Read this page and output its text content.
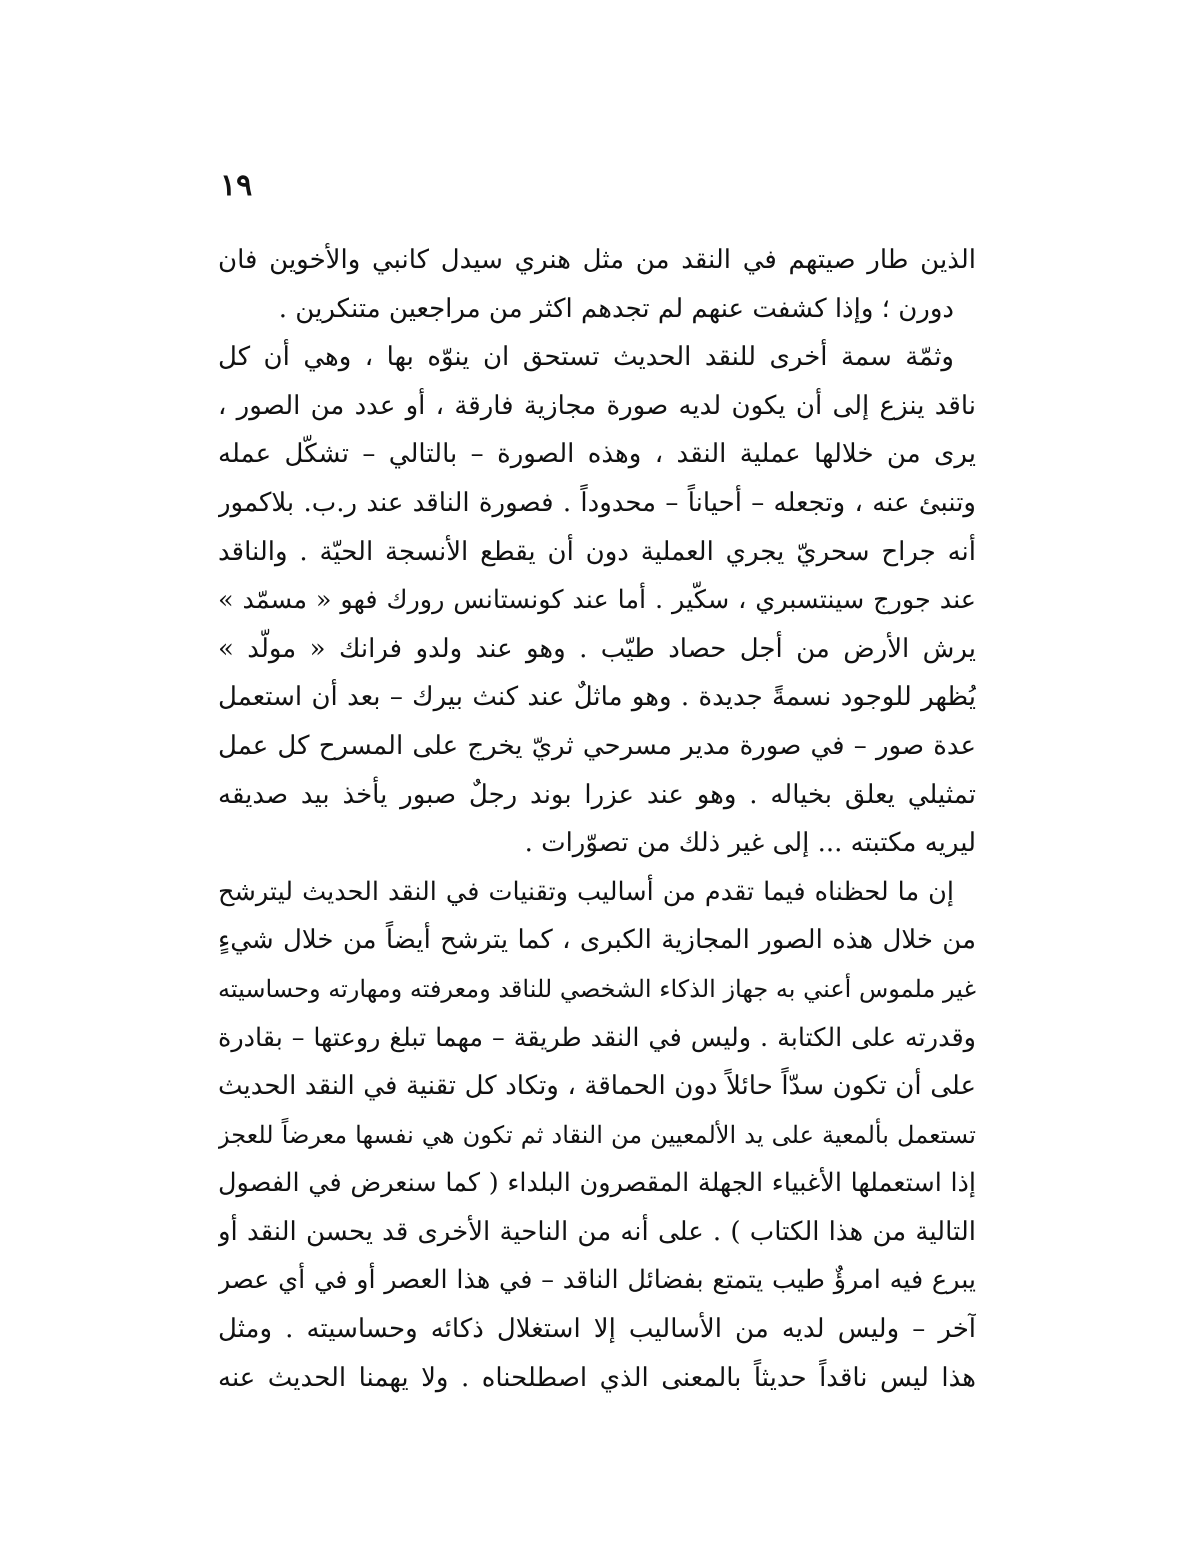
١٩
الذين طار صيتهم في النقد من مثل هنري سيدل كانبي والأخوين فان
دورن ؛ وإذا كشفت عنهم لم تجدهم اكثر من مراجعين متنكرين .
وثمّة سمة أخرى للنقد الحديث تستحق ان ينوّه بها ، وهي أن كل
ناقد ينزع إلى أن يكون لديه صورة مجازية فارقة ، أو عدد من الصور ،
يرى من خلالها عملية النقد ، وهذه الصورة – بالتالي – تشكّل عمله
وتنبئ عنه ، وتجعله – أحياناً – محدوداً . فصورة الناقد عند ر.ب. بلاكمور
أنه جراح سحريّ يجري العملية دون أن يقطع الأنسجة الحيّة . والناقد
عند جورج سينتسبري ، سكّير . أما عند كونستانس رورك فهو « مسمّد »
يرش الأرض من أجل حصاد طيّب . وهو عند ولدو فرانك « مولّد »
يُظهر للوجود نسمةً جديدة . وهو ماثلٌ عند كنث بيرك – بعد أن استعمل
عدة صور – في صورة مدير مسرحي ثريّ يخرج على المسرح كل عمل
تمثيلي يعلق بخياله . وهو عند عزرا بوند رجلٌ صبور يأخذ بيد صديقه
ليريه مكتبته ... إلى غير ذلك من تصوّرات .
إن ما لحظناه فيما تقدم من أساليب وتقنيات في النقد الحديث ليترشح
من خلال هذه الصور المجازية الكبرى ، كما يترشح أيضاً من خلال شيءٍ
غير ملموس أعني به جهاز الذكاء الشخصي للناقد ومعرفته ومهارته وحساسيته
وقدرته على الكتابة . وليس في النقد طريقة – مهما تبلغ روعتها – بقادرة
على أن تكون سدّاً حائلاً دون الحماقة ، وتكاد كل تقنية في النقد الحديث
تستعمل بألمعية على يد الألمعيين من النقاد ثم تكون هي نفسها معرضاً للعجز
إذا استعملها الأغبياء الجهلة المقصرون البلداء ( كما سنعرض في الفصول
التالية من هذا الكتاب ) . على أنه من الناحية الأخرى قد يحسن النقد أو
يبرع فيه امرؤٌ طيب يتمتع بفضائل الناقد – في هذا العصر أو في أي عصر
آخر – وليس لديه من الأساليب إلا استغلال ذكائه وحساسيته . ومثل
هذا ليس ناقداً حديثاً بالمعنى الذي اصطلحناه . ولا يهمنا الحديث عنه
